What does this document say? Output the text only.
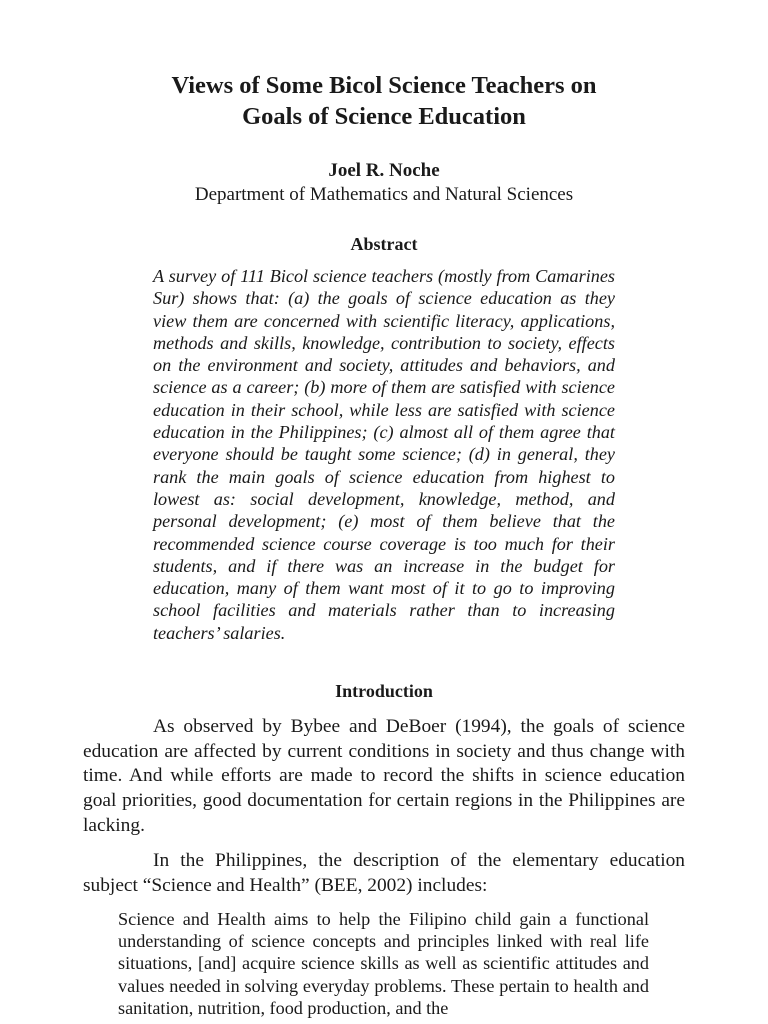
Views of Some Bicol Science Teachers on
Goals of Science Education
Joel R. Noche
Department of Mathematics and Natural Sciences
Abstract

A survey of 111 Bicol science teachers (mostly from Camarines Sur) shows that: (a) the goals of science education as they view them are concerned with scientific literacy, applications, methods and skills, knowledge, contribution to society, effects on the environment and society, attitudes and behaviors, and science as a career; (b) more of them are satisfied with science education in their school, while less are satisfied with science education in the Philippines; (c) almost all of them agree that everyone should be taught some science; (d) in general, they rank the main goals of science education from highest to lowest as: social development, knowledge, method, and personal development; (e) most of them believe that the recommended science course coverage is too much for their students, and if there was an increase in the budget for education, many of them want most of it to go to improving school facilities and materials rather than to increasing teachers’ salaries.

Introduction

As observed by Bybee and DeBoer (1994), the goals of science education are affected by current conditions in society and thus change with time. And while efforts are made to record the shifts in science education goal priorities, good documentation for certain regions in the Philippines are lacking.

In the Philippines, the description of the elementary education subject “Science and Health” (BEE, 2002) includes:

Science and Health aims to help the Filipino child gain a functional understanding of science concepts and principles linked with real life situations, [and] acquire science skills as well as scientific attitudes and values needed in solving everyday problems. These pertain to health and sanitation, nutrition, food production, and the
